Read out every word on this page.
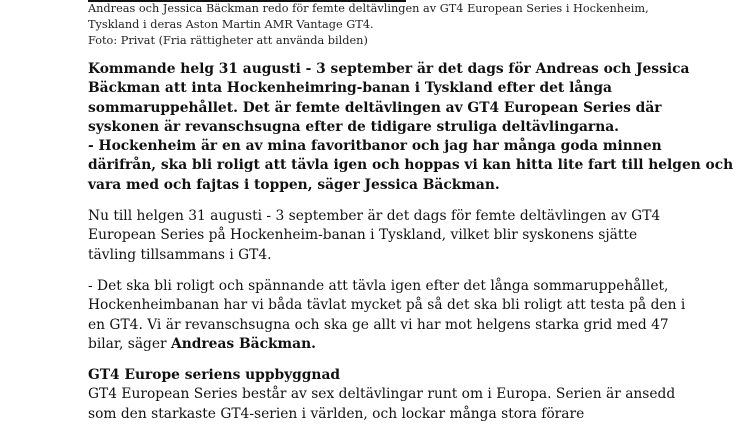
Andreas och Jessica Bäckman redo för femte deltävlingen av GT4 European Series i Hockenheim,
Tyskland i deras Aston Martin AMR Vantage GT4.
Foto: Privat (Fria rättigheter att använda bilden)
Kommande helg 31 augusti - 3 september är det dags för Andreas och Jessica
Bäckman att inta Hockenheimring-banan i Tyskland efter det långa
sommaruppehållet. Det är femte deltävlingen av GT4 European Series där
syskonen är revanschsugna efter de tidigare struliga deltävlingarna.
- Hockenheim är en av mina favoritbanor och jag har många goda minnen
därifrån, ska bli roligt att tävla igen och hoppas vi kan hitta lite fart till helgen och
vara med och fajtas i toppen, säger Jessica Bäckman.
Nu till helgen 31 augusti - 3 september är det dags för femte deltävlingen av GT4
European Series på Hockenheim-banan i Tyskland, vilket blir syskonens sjätte
tävling tillsammans i GT4.
- Det ska bli roligt och spännande att tävla igen efter det långa sommaruppehållet,
Hockenheimbanan har vi båda tävlat mycket på så det ska bli roligt att testa på den i
en GT4. Vi är revanschsugna och ska ge allt vi har mot helgens starka grid med 47
bilar, säger Andreas Bäckman.
GT4 Europe seriens uppbyggnad
GT4 European Series består av sex deltävlingar runt om i Europa. Serien är ansedd
som den starkaste GT4-serien i världen, och lockar många stora förare
